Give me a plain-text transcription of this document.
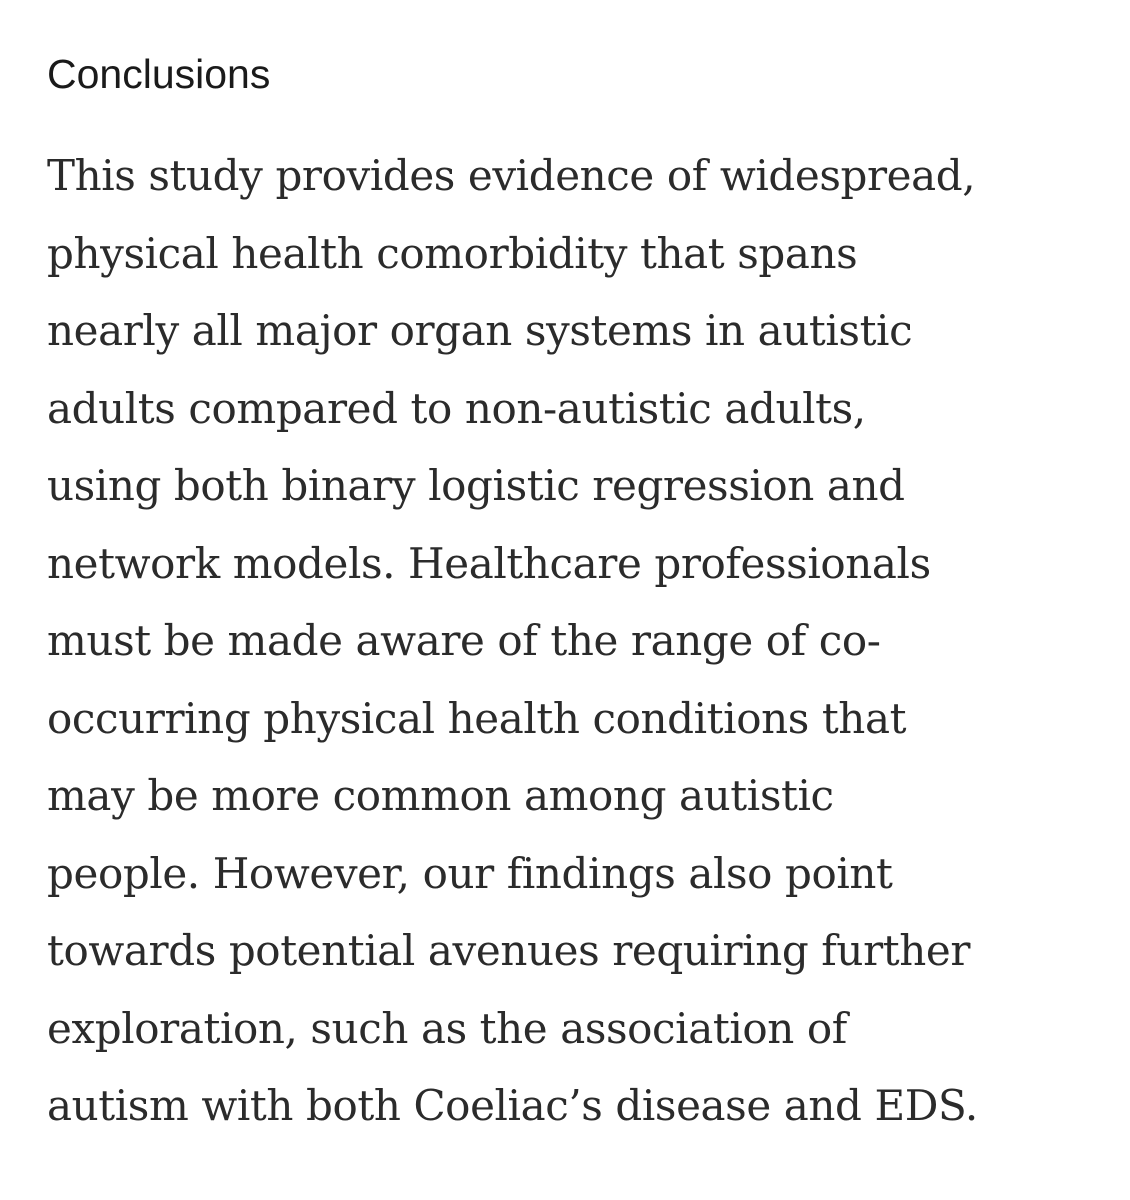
Conclusions

This study provides evidence of widespread,
physical health comorbidity that spans
nearly all major organ systems in autistic
adults compared to non-autistic adults,
using both binary logistic regression and
network models. Healthcare professionals
must be made aware of the range of co-
occurring physical health conditions that
may be more common among autistic
people. However, our findings also point
towards potential avenues requiring further
exploration, such as the association of
autism with both Coeliac’s disease and EDS.
